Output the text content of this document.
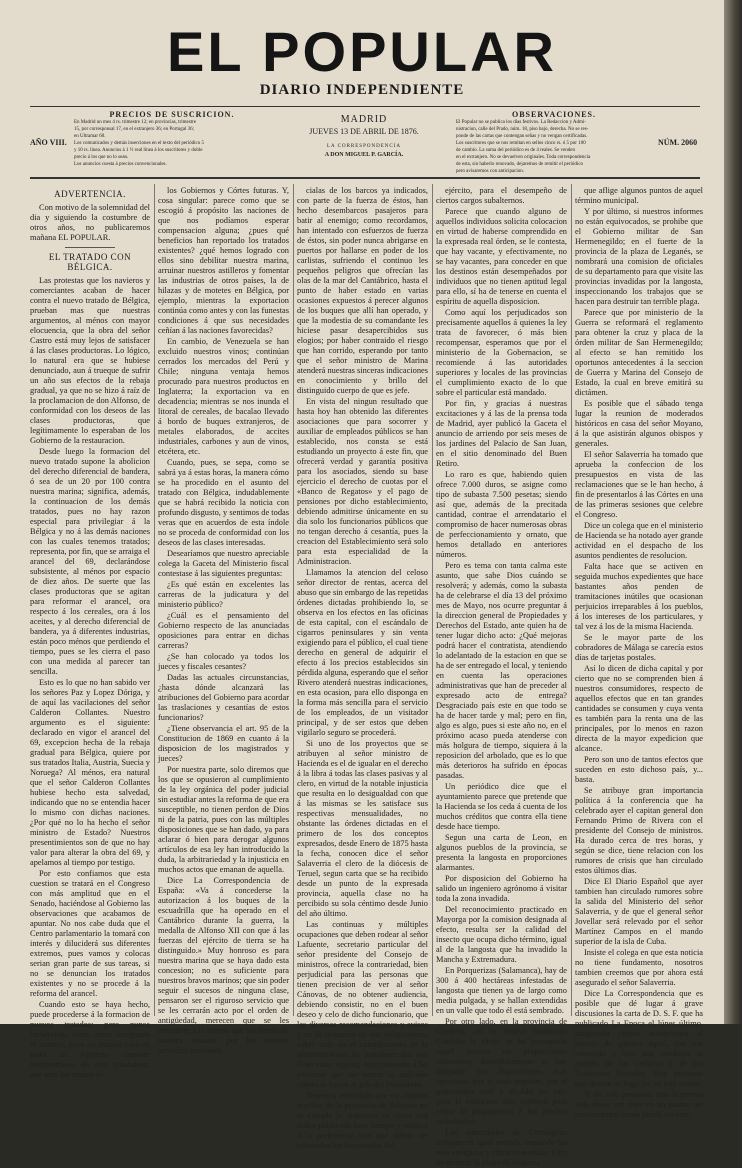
EL POPULAR
DIARIO INDEPENDIENTE
AÑO VIII.
PRECIOS DE SUSCRICION.
En Madrid un mes 4 rs. trimestre 12; en provincias, trimestre
15, por corresponsal 17, en el extranjero 36; en Portugal 36;
en Ultramar 60.
Los comunicados y demás inserciones en el texto del periódico 5
y 10 rs. linea. Anuncios á 1 ½ real línea á los suscritores y doble
precio á los que no lo sean.
Los anuncios cuesta á precios convencionales.
MADRID
JUEVES 13 DE ABRIL DE 1876.
LA CORRESPONDENCIA
A DON MIGUEL P. GARCÍA.
OBSERVACIONES.
El Popular no se publica los días festivos. La Redaccion y Admi-
nistracion, calle del Prado, núm. 18, piso bajo, derecha. No se res-
ponde de las cartas que contengan señas y no vengan certificadas.
Los suscritores que se nos remitan en sellos cinco rs. ó 5 por 100
de cambio. La suma del periódico es de 4 reales. Se venden
en el extranjero. No se devuelven originales. Toda correspondencia
de esta, sin haberlo renovado, dejaremos de remitir el periódico
pero avisaremos con anticipacion.
NÚM. 2060
ADVERTENCIA.

Con motivo de la solemnidad del dia y siguiendo la costumbre de otros años, no publicaremos mañana EL POPULAR.

EL TRATADO CON BÉLGICA.

Las protestas que los navieros y comerciantes acaban de hacer contra el nuevo tratado de Bélgica, prueban mas que nuestras argumentos, al ménos con mayor elocuencia, que la obra del señor Castro está muy lejos de satisfacer á las clases productoras. Lo lógico, lo natural era que se hubiese denunciado, aun á trueque de sufrir un año sus efectos de la rebaja gradual, ya que no se hizo á raíz de la proclamacion de don Alfonso, de conformidad con los deseos de las clases productoras, que legítimamente lo esperaban de los Gobierno de la restauracion.

Desde luego la formacion del nuevo tratado supone la abolicion del derecho diferencial de bandera, ó sea de un 20 por 100 contra nuestra marina; significa, además, la continuacion de los demás tratados, pues no hay razon especial para privilegiar á la Bélgica y no á las demás naciones con las cuales tenemos tratados; representa, por fin, que se arraiga el arancel del 69, declarándose subsistente, al ménos por espacio de diez años. De suerte que las clases productoras que se agitan para reformar el arancel, ora respecto á los cereales, ora á los aceites, y al derecho diferencial de bandera, ya á diferentes industrias, están poco ménos que perdiendo el tiempo, pues se les cierra el paso con una medida al parecer tan sencilla.

Esto es lo que no han sabido ver los señores Paz y Lopez Dóriga, y de aquí las vacilaciones del señor Calderon Collantes. Nuestro argumento es el siguiente: declarado en vigor el arancel del 69, excepcion hecha de la rebaja gradual para Bélgica, quiere por sus tratados Italia, Austria, Suecia y Noruega? Al ménos, era natural que el señor Calderon Collantes hubiese hecho esta salvedad, indicando que no se entendia hacer lo mismo con dichas naciones. ¿Por qué no lo ha hecho el señor ministro de Estado? Nuestros presentimientos son de que no hay valor para alterar la obra del 69, y apelamos al tiempo por testigo.

Por esto confiamos que esta cuestion se tratará en el Congreso con más amplitud que en el Senado, haciéndose al Gobierno las observaciones que acabamos de apuntar. No nos cabe duda que el Centro parlamentario la tomará con interés y diluciderá sus diferentes extremos, pues vamos y colocas serian gran parte de sus tareas, si no se denuncian los tratados existentes y no se procede á la reforma del arancel.

Cuando esto se haya hecho, puede procederse á la formacion de nuevos tratados; pero nunca incluyendo como parte integrante el arancel, pues en ningun caso es justo ni legítimo contraer compromisos de esta naturaleza, que atan las manos de

los Gobiernos y Córtes futuras. Y, cosa singular: parece como que se escogió á propósito las naciones de que nos podíamos esperar compensacion alguna; ¿pues qué beneficios han reportado los tratados existentes? ¿qué hemos logrado con ellos sino debilitar nuestra marina, arruinar nuestros astilleros y fomentar las industrias de otros países, la de hilazas y de motetes en Bélgica, por ejemplo, mientras la exportacion continúa como antes y con las funestas condiciones á que sus necesidades ceñían á las naciones favorecidas?

En cambio, de Venezuela se han excluido nuestros vinos; continúan cerrados los mercados del Perú y Chile; ninguna ventaja hemos procurado para nuestros productos en Inglaterra; la exportacion va en decadencia; mientras se nos inunda el litoral de cereales, de bacalao llevado á bordo de buques extranjeros, de metales elaborados, de accites industriales, carbones y aun de vinos, etcétera, etc.

Cuando, pues, se sepa, como se sabrá ya á estas horas, la manera cómo se ha procedido en el asunto del tratado con Bélgica, indudablemente que se habrá recibido la noticia con profundo disgusto, y sentimos de todas veras que en acuerdos de esta índole no se proceda de conformidad con los deseos de las clases interesadas.

Desearíamos que nuestro apreciable colega la Gaceta del Ministerio fiscal contestase á las siguientes preguntas:

¿Es qué están en excelentes las carreras de la judicatura y del ministerio público?

¿Cuál es el pensamiento del Gobierno respecto de las anunciadas oposiciones para entrar en dichas carreras?

¿Se han colocado ya todos los jueces y fiscales cesantes?

Dadas las actuales circunstancias, ¿hasta dónde alcanzará las atribuciones del Gobierno para acordar las traslaciones y cesantías de estos funcionarios?

¿Tiene observancia el art. 95 de la Constitucion de 1869 en cuanto á la disposicion de los magistrados y jueces?

Por nuestra parte, solo diremos que los que se opusieron al cumplimiento de la ley orgánica del poder judicial sin estudiar antes la reforma de que era susceptible, no tienen perdon de Dios ni de la patria, pues con las múltiples disposiciones que se han dado, ya para aclarar ó bien para derogar algunos artículos de esa ley han introducido la duda, la arbitrariedad y la injusticia en muchos actos que emanan de aquella.

Dice La Correspondencia de España: «Va á concederse la autorizacion á los buques de la escuadrilla que ha operado en el Cantábrico durante la guerra, la medalla de Alfonso XII con que á las fuerzas del ejército de tierra se ha distinguido.» Muy honroso es para nuestra marina que se haya dado esta concesion; no es suficiente para nuestros bravos marinos; que sin poder seguir el sucesos de ninguna clase, pensaron ser el riguroso servicio que se les cerrarán acto por el orden de antigüedad, merecen que se les considere á lo mismo que las demás de nuestra armada, por los buenos servicios prestados.

cialas de los barcos ya indicados, con parte de la fuerza de éstos, han hecho desembarcos pasajeros para batir al enemigo; como recordamos, han intentado con esfuerzos de fuerza de éstos, sin poder nunca abrigarse en puertos por hallarse en poder de los carlistas, sufriendo el continuo les pequeños peligros que ofrecían las olas de la mar del Cantábrico, hasta el punto de haber estado en varias ocasiones expuestos á perecer algunos de los buques que allí han operado, y que la modestia de su comandante les hiciese pasar desapercibidos sus elogios; por haber contraido el riesgo que han corrido, esperando por tanto que el señor ministro de Marina atenderá nuestras sinceras indicaciones en conocimiento y brillo del distinguido cuerpo de que es jefe.

En vista del ningun resultado que hasta hoy han obtenido las diferentes asociaciones que para socorrer y auxiliar de empleados públicos se han establecido, nos consta se está estudiando un proyecto á este fin, que ofrecerá verdad y garantía positiva para los asociados, siendo su base ejercicio el derecho de cuotas por el «Banco de Regatos» y el pago de pensiones por dicho establecimiento, debiendo admitirse únicamente en su dia solo los funcionarios públicos que no tengan derecho á cesantía, pues la creacion del Establecimiento será solo para esta especialidad de la Administracion.

Llamamos la atencion del celoso señor director de rentas, acerca del abuso que sin embargo de las repetidas órdenes dictadas prohibiendo lo, se observa en los efectos en las oficinas de esta capital, con el escándalo de cigarros peninsulares y sin venta exigiendo para el público, el cual tiene derecho en general de adquirir el efecto á los precios establecidos sin pérdida alguna, esperando que el señor Rivero atenderá nuestras indicaciones, en esta ocasion, para ello disponga en la forma más sencilla para el servicio de los empleados, de un visitador principal, y de ser estos que deben vigilarlo seguro se procederá.

Si uno de los proyectos que se atribuyen al señor ministro de Hacienda es el de igualar en el derecho á la libra á todas las clases pasivas y al clero, en virtud de la notable injusticia que resulta en lo desigualdad con que á las mismas se les satisface sus respectivas mensualidades, no obstante las órdenes dictadas en el primero de los dos conceptos expresados, desde Enero de 1875 hasta la fecha, conocen dice el señor Salaverria el clero de la diócesis de Teruel, segun carta que se ha recibido desde un punto de la expresada provincia, aquella clase no ha percibido su sola céntimo desde Junio del año último.

Las continuas y múltiples ocupaciones que deben rodear al señor Lafuente, secretario particular del señor presidente del Consejo de ministros, ofrece la contrariedad, bien perjudicial para las personas que tienen precision de ver al señor Cánovas, de no obtener audiencia, debiendo consistir, no en el buen deseo y celo de dicho funcionario, que las diversas recomendaciones y avisos y en lo ordinario de sus obligaciones, sobre todo en el cumplimiento de la administracion, las peticiones que con él no estan sujetas; especialmente á las personas que no tienen la indicado objeto se hacen al jefe del Ministerio.

Tenemos entendido que en algunos pueblos de la provincia de Palencia no se cumple lo dispuesto en cierta real órden publicada hace tiempo y relativa á la preferencia con que deban ser colocados los licenciados del

ejército, para el desempeño de ciertos cargos subalternos.

Parece que cuando alguno de aquellos individuos solicita colocacion en virtud de haberse comprendido en la expresada real órden, se le contesta, que hay vacante, y efectivamente, no se hay vacantes, para conceder en que los destinos están desempeñados por individuos que no tienen aptitud legal para ello, sí ha de tenerse en cuenta el espíritu de aquella disposicion.

Como aquí los perjudicados son precisamente aquellos á quienes la ley trata de favorecer, ó más bien recompensar, esperamos que por el ministerio de la Gobernacion, se recomiende á las autoridades superiores y locales de las provincias el cumplimiento exacto de lo que sobre el particular está mandado.

Por fin, y gracias á nuestras excitaciones y á las de la prensa toda de Madrid, ayer publicó la Gaceta el anuncio de arriendo por seis meses de los jardines del Palacio de San Juan, en el sitio denominado del Buen Retiro.

Lo raro es que, habiendo quien ofrece 7.000 duros, se asigne como tipo de subasta 7.500 pesetas; siendo así que, además de la precitada cantidad, contrae el arrendatario el compromiso de hacer numerosas obras de perfeccionamiento y ornato, que hemos detallado en anteriores números.

Pero es tema con tanta calma este asunto, que sabe Dios cuándo se resolverá; y además, como la subasta ha de celebrarse el día 13 del próximo mes de Mayo, nos ocurre preguntar á la direccion general de Propiedades y Derechos del Estado, ante quien ha de tener lugar dicho acto: ¿Qué mejoras podrá hacer el contratista, atendiendo lo adelantado de la estacion en que se ha de ser entregado el local, y teniendo en cuenta las operaciones administrativas que han de preceder al expresado acto de entrega? Desgraciado país este en que todo se ha de hacer tarde y mal; pero en fin, algo es algo, pues si este año no, en el próximo acaso pueda atenderse con más holgura de tiempo, siquiera á la reposicion del arbolado, que es lo que más deterioros ha sufrido en épocas pasadas.

Un periódico dice que el ayuntamiento parece que pretende que la Hacienda se los ceda á cuenta de los muchos créditos que contra ella tiene desde hace tiempo.

Segun una carta de Leon, en algunos pueblos de la provincia, se presenta la langosta en proporciones alarmantes.

Por disposicion del Gobierno ha salido un ingeniero agrónomo á visitar toda la zona invadida.

Del reconocimiento practicado en Mayorga por la comision designada al efecto, resulta ser la calidad del insecto que ocupa dicho término, igual al de la langosta que ha invadido la Mancha y Extremadura.

En Porquerizas (Salamanca), hay de 300 á 400 hectáreas infestadas de langosta que tienen ya de largo como media pulgada, y se hallan extendidas en un valle que todo él está sembrado.

Por otro lado, en la provincia de Córdoba, en la dehesa nombrada Córdoba la Vieja, se ha presentado aquel insecto en proporciones alarmantes. Inmediatamente se han adoptado las disposiciones más oportunas que el caso requiere, por el gobernador civil y alcalde, no solo para la extincion sino tambien para evitar la propagacion á los predios colindantes.

Las autoridades de Carmagena trabajan en igual sentido, tomando las más enérgicas y eficaces medidas á fin de destruir la plaga de langosta

que aflige algunos puntos de aquel término municipal.

Y por último, si nuestros informes no están equivocados, se prohibe que el Gobierno militar de San Hermenegildo; en el fuerte de la provincia de la plaza de Leganés, se nombrará una comision de oficiales de su departamento para que visite las provincias invadidas por la langosta, inspeccionando los trabajos que se hacen para destruir tan terrible plaga.

Parece que por ministerio de la Guerra se reformará el reglamento para obtener la cruz y placa de la órden militar de San Hermenegildo; al efecto se han remitido los oportunos antecedentes á la seccion de Guerra y Marina del Consejo de Estado, la cual en breve emitirá su dictámen.

Es posible que el sábado tenga lugar la reunion de moderados históricos en casa del señor Moyano, á la que asistirán algunos obispos y generales.

El señor Salaverria ha tomado que aprueba la confeccion de los presupuestos en vista de las reclamaciones que se le han hecho, á fin de presentarlos á las Córtes en una de las primeras sesiones que celebre el Congreso.

Dice un colega que en el ministerio de Hacienda se ha notado ayer grande actividad en el despacho de los asuntos pendientes de resolucion.

Falta hace que se activen en seguida muchos expedientes que hace bastantes años penden de tramitaciones inútiles que ocasionan perjuicios irreparables á los pueblos, á los intereses de los particulares, y tal vez á los de la misma Hacienda.

Se le mayor parte de los cobradores de Málaga se carecía estos días de tarjetas postales.

Así lo dicen de dicha capital y por cierto que no se comprenden bien á nuestros consumidores, respecto de aquellos efectos que en tan grandes cantidades se consumen y cuya venta es también para la renta una de las principales, por lo menos en razon directa de la mayor expedicion que alcance.

Pero son uno de tantos efectos que suceden en esto dichoso país, y... basta.

Se atribuye gran importancia política á la conferencia que ha celebrado ayer el capitan general don Fernando Primo de Rivera con el presidente del Consejo de ministros. Ha durado cerca de tres horas, y según se dice, tiene relacion con los rumores de crisis que han circulado estos últimos dias.

Dice El Diario Español que ayer tambien han circulado rumores sobre la salida del Ministerio del señor Salaverria, y de que el general señor Jovellar será relevado por el señor Martínez Campos en el mando superior de la isla de Cuba.

Insiste el colega en que esta noticia no tiene fundamento, nosotros tambien creemos que por ahora está asegurado el señor Salaverria.

Dice La Correspondencia que es posible que dé lugar á grave discusiones la carta de D. S. F. que ha publicado La Epoca el lúnes último, dirigiendo ciertas acusaciones al partido de quienes aquel, que son conocido y con una conducta al partido de los carlistas y de los Gobiernos liberales. Hay personas que desean se haga luz en este asunto.

Y, no solo personas, sino la prensa toda desea ver claro en un asunto tan trascendental como puede ser este.
